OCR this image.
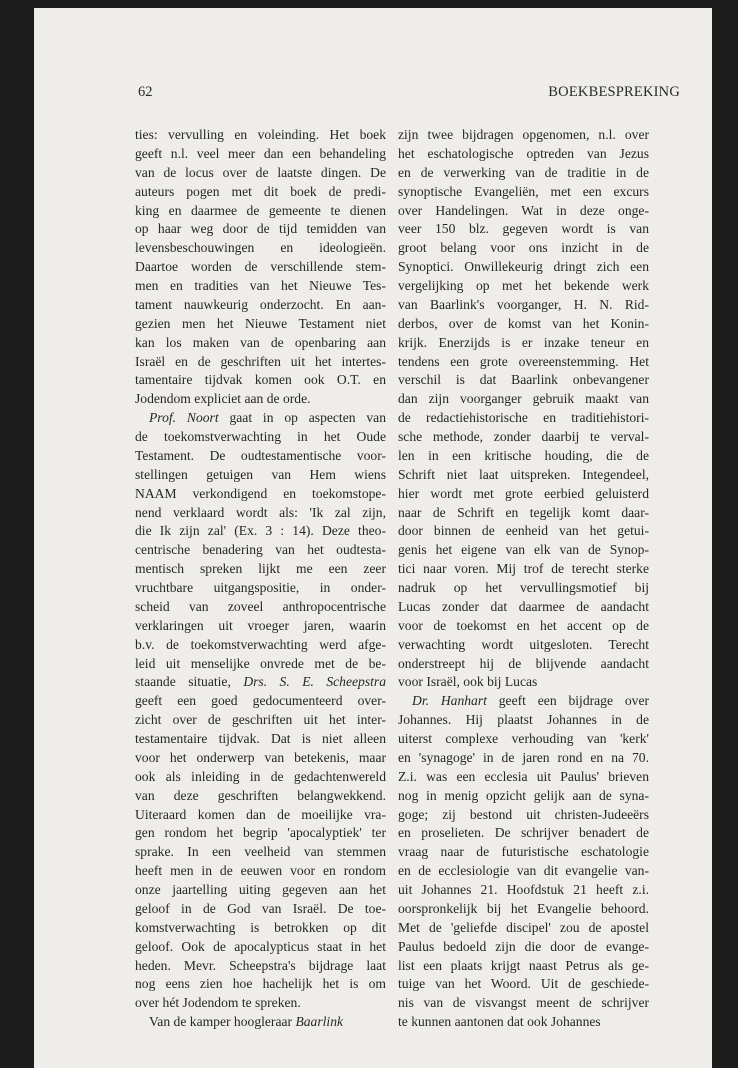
62	BOEKBESPREKING

ties: vervulling en voleinding. Het boek
geeft n.l. veel meer dan een behandeling
van de locus over de laatste dingen. De
auteurs pogen met dit boek de predi-
king en daarmee de gemeente te dienen
op haar weg door de tijd temidden van
levensbeschouwingen en ideologieën.
Daartoe worden de verschillende stem-
men en tradities van het Nieuwe Tes-
tament nauwkeurig onderzocht. En aan-
gezien men het Nieuwe Testament niet
kan los maken van de openbaring aan
Israël en de geschriften uit het intertes-
tamentaire tijdvak komen ook O.T. en
Jodendom expliciet aan de orde.

Prof. Noort gaat in op aspecten van
de toekomstverwachting in het Oude
Testament. De oudtestamentische voor-
stellingen getuigen van Hem wiens
NAAM verkondigend en toekomstope-
nend verklaard wordt als: 'Ik zal zijn,
die Ik zijn zal' (Ex. 3 : 14). Deze theo-
centrische benadering van het oudtesta-
mentisch spreken lijkt me een zeer
vruchtbare uitgangspositie, in onder-
scheid van zoveel anthropocentrische
verklaringen uit vroeger jaren, waarin
b.v. de toekomstverwachting werd afge-
leid uit menselijke onvrede met de be-
staande situatie, Drs. S. E. Scheepstra
geeft een goed gedocumenteerd over-
zicht over de geschriften uit het inter-
testamentaire tijdvak. Dat is niet alleen
voor het onderwerp van betekenis, maar
ook als inleiding in de gedachtenwereld
van deze geschriften belangwekkend.
Uiteraard komen dan de moeilijke vra-
gen rondom het begrip 'apocalyptiek' ter
sprake. In een veelheid van stemmen
heeft men in de eeuwen voor en rondom
onze jaartelling uiting gegeven aan het
geloof in de God van Israël. De toe-
komstverwachting is betrokken op dit
geloof. Ook de apocalypticus staat in het
heden. Mevr. Scheepstra's bijdrage laat
nog eens zien hoe hachelijk het is om
over hét Jodendom te spreken.

Van de kamper hoogleraar Baarlink

zijn twee bijdragen opgenomen, n.l. over
het eschatologische optreden van Jezus
en de verwerking van de traditie in de
synoptische Evangeliën, met een excurs
over Handelingen. Wat in deze onge-
veer 150 blz. gegeven wordt is van
groot belang voor ons inzicht in de
Synoptici. Onwillekeurig dringt zich een
vergelijking op met het bekende werk
van Baarlink's voorganger, H. N. Rid-
derbos, over de komst van het Konin-
krijk. Enerzijds is er inzake teneur en
tendens een grote overeenstemming. Het
verschil is dat Baarlink onbevangener
dan zijn voorganger gebruik maakt van
de redactiehistorische en traditiehistori-
sche methode, zonder daarbij te verval-
len in een kritische houding, die de
Schrift niet laat uitspreken. Integendeel,
hier wordt met grote eerbied geluisterd
naar de Schrift en tegelijk komt daar-
door binnen de eenheid van het getui-
genis het eigene van elk van de Synop-
tici naar voren. Mij trof de terecht sterke
nadruk op het vervullingsmotief bij
Lucas zonder dat daarmee de aandacht
voor de toekomst en het accent op de
verwachting wordt uitgesloten. Terecht
onderstreept hij de blijvende aandacht
voor Israël, ook bij Lucas

Dr. Hanhart geeft een bijdrage over
Johannes. Hij plaatst Johannes in de
uiterst complexe verhouding van 'kerk'
en 'synagoge' in de jaren rond en na 70.
Z.i. was een ecclesia uit Paulus' brieven
nog in menig opzicht gelijk aan de syna-
goge; zij bestond uit christen-Judeeërs
en proselieten. De schrijver benadert de
vraag naar de futuristische eschatologie
en de ecclesiologie van dit evangelie van-
uit Johannes 21. Hoofdstuk 21 heeft z.i.
oorspronkelijk bij het Evangelie behoord.
Met de 'geliefde discipel' zou de apostel
Paulus bedoeld zijn die door de evange-
list een plaats krijgt naast Petrus als ge-
tuige van het Woord. Uit de geschiede-
nis van de visvangst meent de schrijver
te kunnen aantonen dat ook Johannes
